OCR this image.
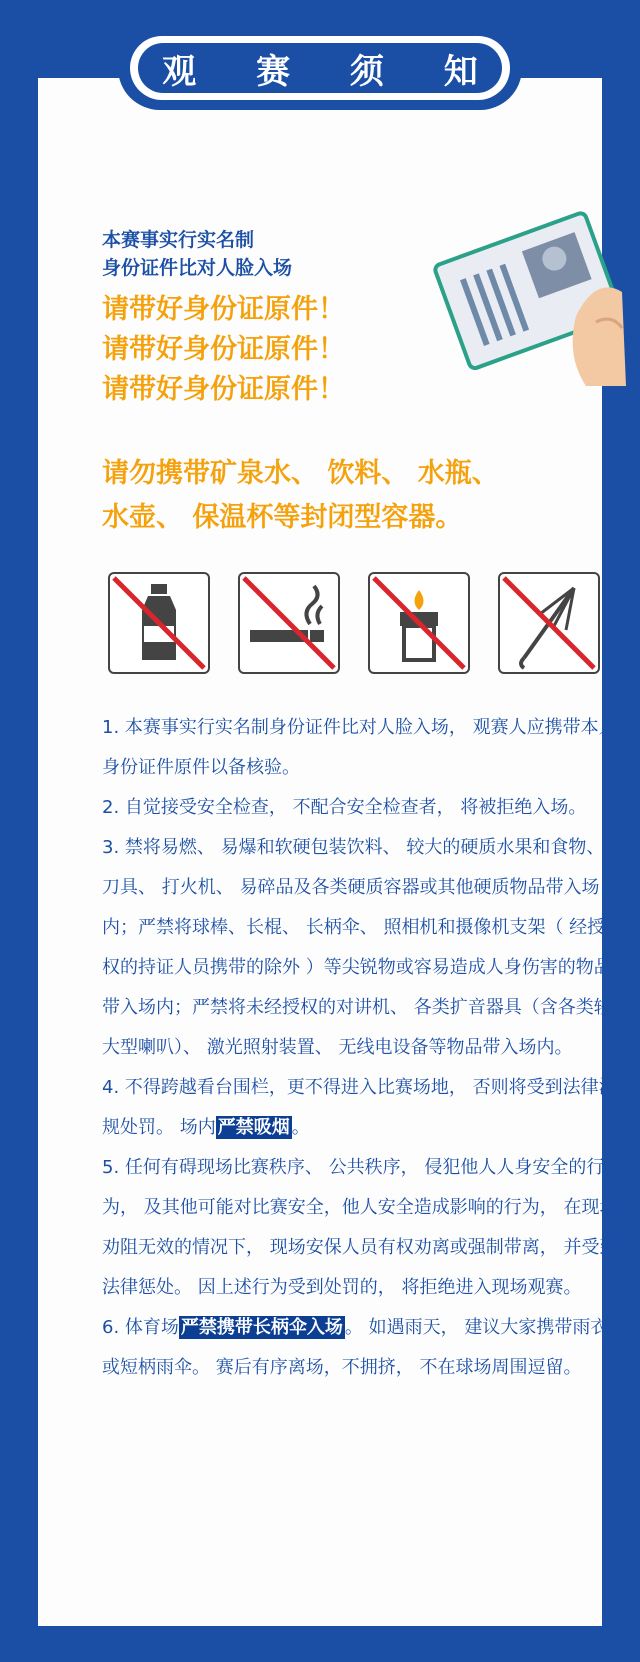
本赛事实行实名制
身份证件比对人脸入场
请带好身份证原件！
请带好身份证原件！
请带好身份证原件！
请勿携带矿泉水、 饮料、 水瓶、
水壶、 保温杯等封闭型容器。

1. 本赛事实行实名制身份证件比对人脸入场， 观赛人应携带本人身份证件原件以备核验。

2. 自觉接受安全检查， 不配合安全检查者， 将被拒绝入场。

3. 禁将易燃、 易爆和软硬包装饮料、 较大的硬质水果和食物、 刀具、 打火机、 易碎品及各类硬质容器或其他硬质物品带入场内；严禁将球棒、长棍、 长柄伞、 照相机和摄像机支架（ 经授权的持证人员携带的除外 ）等尖锐物或容易造成人身伤害的物品带入场内；严禁将未经授权的对讲机、 各类扩音器具（含各类较大型喇叭）、 激光照射装置、 无线电设备等物品带入场内。

4. 不得跨越看台围栏，更不得进入比赛场地， 否则将受到法律法规处罚。 场内 严禁吸烟 。

5. 任何有碍现场比赛秩序、 公共秩序， 侵犯他人人身安全的行为， 及其他可能对比赛安全，他人安全造成影响的行为， 在现场劝阻无效的情况下， 现场安保人员有权劝离或强制带离， 并受到法律惩处。 因上述行为受到处罚的， 将拒绝进入现场观赛。

6. 体育场 严禁携带长柄伞入场 。 如遇雨天， 建议大家携带雨衣或短柄雨伞。 赛后有序离场，不拥挤， 不在球场周围逗留。

观 赛 须 知
